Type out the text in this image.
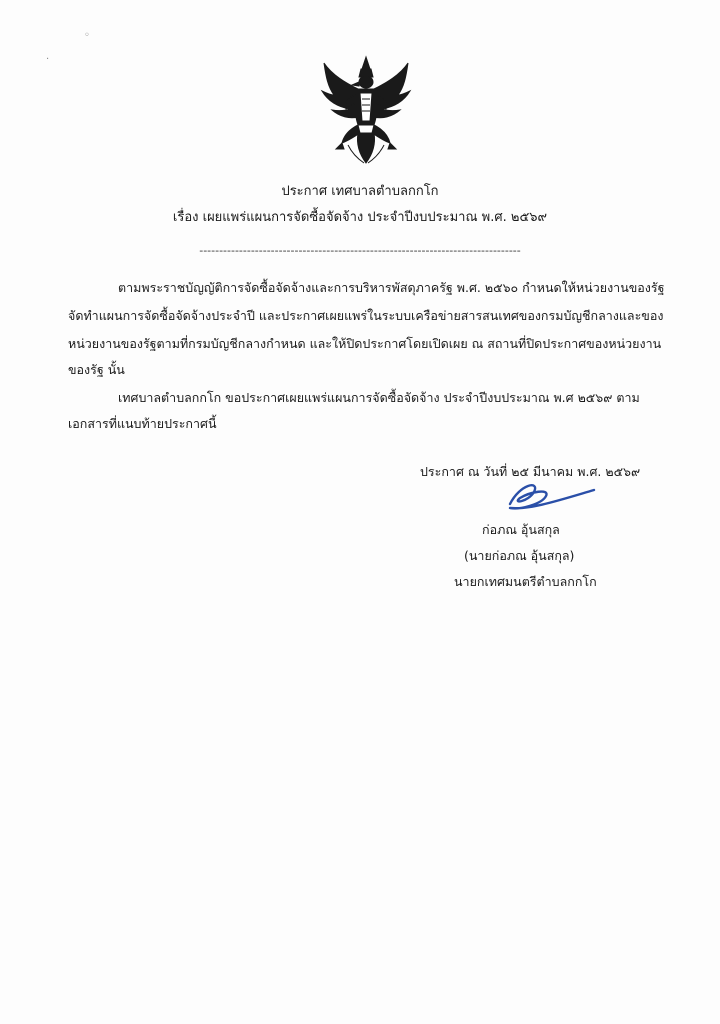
◦
·
ประกาศ เทศบาลตำบลกกโก
เรื่อง เผยแพร่แผนการจัดซื้อจัดจ้าง ประจำปีงบประมาณ พ.ศ. ๒๕๖๙
---------------------------------------------------------------------------------
ตามพระราชบัญญัติการจัดซื้อจัดจ้างและการบริหารพัสดุภาครัฐ พ.ศ. ๒๕๖๐ กำหนดให้หน่วยงานของรัฐ
จัดทำแผนการจัดซื้อจัดจ้างประจำปี และประกาศเผยแพร่ในระบบเครือข่ายสารสนเทศของกรมบัญชีกลางและของ
หน่วยงานของรัฐตามที่กรมบัญชีกลางกำหนด และให้ปิดประกาศโดยเปิดเผย ณ สถานที่ปิดประกาศของหน่วยงาน
ของรัฐ นั้น
เทศบาลตำบลกกโก ขอประกาศเผยแพร่แผนการจัดซื้อจัดจ้าง ประจำปีงบประมาณ พ.ศ ๒๕๖๙ ตาม
เอกสารที่แนบท้ายประกาศนี้
ประกาศ ณ วันที่ ๒๕ มีนาคม พ.ศ. ๒๕๖๙
ก่อภณ อุ้นสกุล
(นายก่อภณ อุ้นสกุล)
นายกเทศมนตรีตำบลกกโก
